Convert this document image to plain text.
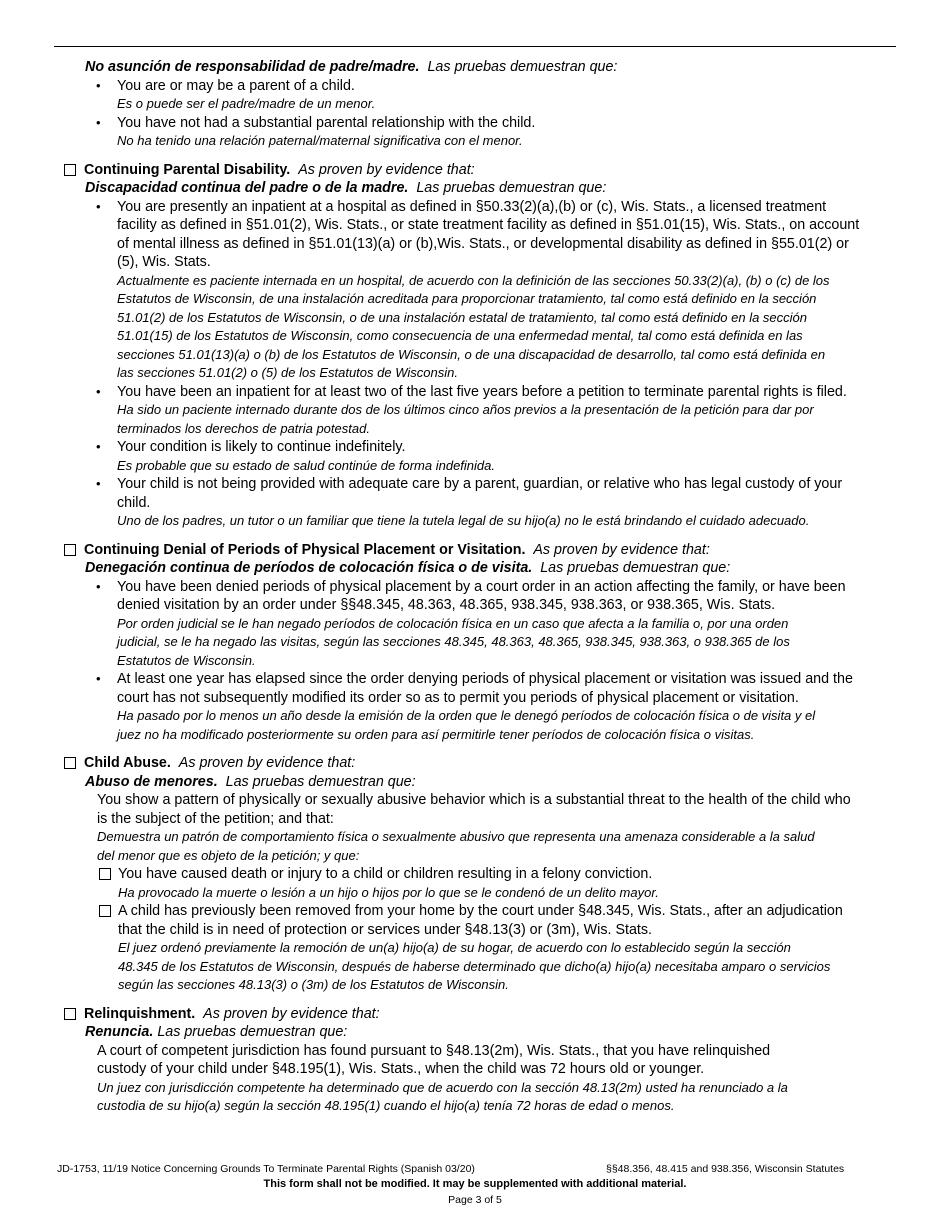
No asunción de responsabilidad de padre/madre. Las pruebas demuestran que:

• You are or may be a parent of a child.

Es o puede ser el padre/madre de un menor.

• You have not had a substantial parental relationship with the child.

No ha tenido una relación paternal/maternal significativa con el menor.

Continuing Parental Disability. As proven by evidence that:

Discapacidad continua del padre o de la madre. Las pruebas demuestran que:

• You are presently an inpatient at a hospital as defined in §50.33(2)(a),(b) or (c), Wis. Stats., a licensed treatment

facility as defined in §51.01(2), Wis. Stats., or state treatment facility as defined in §51.01(15), Wis. Stats., on account

of mental illness as defined in §51.01(13)(a) or (b),Wis. Stats., or developmental disability as defined in §55.01(2) or

(5), Wis. Stats.

Actualmente es paciente internada en un hospital, de acuerdo con la definición de las secciones 50.33(2)(a), (b) o (c) de los

Estatutos de Wisconsin, de una instalación acreditada para proporcionar tratamiento, tal como está definido en la sección

51.01(2) de los Estatutos de Wisconsin, o de una instalación estatal de tratamiento, tal como está definido en la sección

51.01(15) de los Estatutos de Wisconsin, como consecuencia de una enfermedad mental, tal como está definida en las

secciones 51.01(13)(a) o (b) de los Estatutos de Wisconsin, o de una discapacidad de desarrollo, tal como está definida en

las secciones 51.01(2) o (5) de los Estatutos de Wisconsin.

• You have been an inpatient for at least two of the last five years before a petition to terminate parental rights is filed.

Ha sido un paciente internado durante dos de los últimos cinco años previos a la presentación de la petición para dar por

terminados los derechos de patria potestad.

• Your condition is likely to continue indefinitely.

Es probable que su estado de salud continúe de forma indefinida.

• Your child is not being provided with adequate care by a parent, guardian, or relative who has legal custody of your

child.

Uno de los padres, un tutor o un familiar que tiene la tutela legal de su hijo(a) no le está brindando el cuidado adecuado.

Continuing Denial of Periods of Physical Placement or Visitation. As proven by evidence that:

Denegación continua de períodos de colocación física o de visita. Las pruebas demuestran que:

• You have been denied periods of physical placement by a court order in an action affecting the family, or have been

denied visitation by an order under §§48.345, 48.363, 48.365, 938.345, 938.363, or 938.365, Wis. Stats.

Por orden judicial se le han negado períodos de colocación física en un caso que afecta a la familia o, por una orden

judicial, se le ha negado las visitas, según las secciones 48.345, 48.363, 48.365, 938.345, 938.363, o 938.365 de los

Estatutos de Wisconsin.

• At least one year has elapsed since the order denying periods of physical placement or visitation was issued and the

court has not subsequently modified its order so as to permit you periods of physical placement or visitation.

Ha pasado por lo menos un año desde la emisión de la orden que le denegó períodos de colocación física o de visita y el

juez no ha modificado posteriormente su orden para así permitirle tener períodos de colocación física o visitas.

Child Abuse. As proven by evidence that:

Abuso de menores. Las pruebas demuestran que:

You show a pattern of physically or sexually abusive behavior which is a substantial threat to the health of the child who

is the subject of the petition; and that:

Demuestra un patrón de comportamiento física o sexualmente abusivo que representa una amenaza considerable a la salud

del menor que es objeto de la petición; y que:

You have caused death or injury to a child or children resulting in a felony conviction.

Ha provocado la muerte o lesión a un hijo o hijos por lo que se le condenó de un delito mayor.

A child has previously been removed from your home by the court under §48.345, Wis. Stats., after an adjudication

that the child is in need of protection or services under §48.13(3) or (3m), Wis. Stats.

El juez ordenó previamente la remoción de un(a) hijo(a) de su hogar, de acuerdo con lo establecido según la sección

48.345 de los Estatutos de Wisconsin, después de haberse determinado que dicho(a) hijo(a) necesitaba amparo o servicios

según las secciones 48.13(3) o (3m) de los Estatutos de Wisconsin.

Relinquishment. As proven by evidence that:

Renuncia. Las pruebas demuestran que:

A court of competent jurisdiction has found pursuant to §48.13(2m), Wis. Stats., that you have relinquished

custody of your child under §48.195(1), Wis. Stats., when the child was 72 hours old or younger.

Un juez con jurisdicción competente ha determinado que de acuerdo con la sección 48.13(2m) usted ha renunciado a la

custodia de su hijo(a) según la sección 48.195(1) cuando el hijo(a) tenía 72 horas de edad o menos.

JD-1753, 11/19 Notice Concerning Grounds To Terminate Parental Rights (Spanish 03/20)	§§48.356, 48.415 and 938.356, Wisconsin Statutes
This form shall not be modified. It may be supplemented with additional material.
Page 3 of 5
